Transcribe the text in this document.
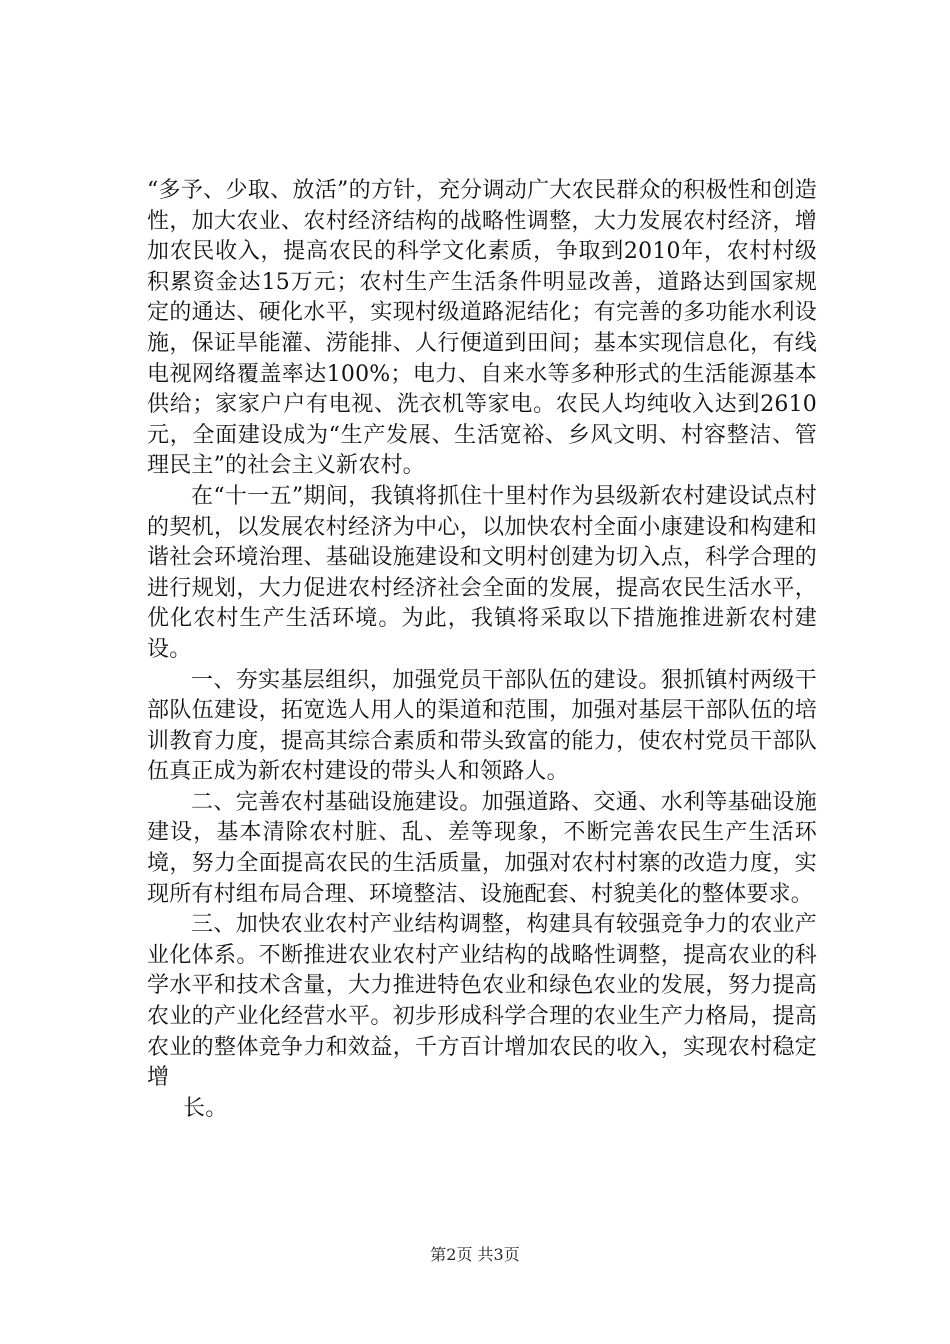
“多予、少取、放活”的方针，充分调动广大农民群众的积极性和创造性，加大农业、农村经济结构的战略性调整，大力发展农村经济，增加农民收入，提高农民的科学文化素质，争取到2010年，农村村级积累资金达15万元；农村生产生活条件明显改善，道路达到国家规定的通达、硬化水平，实现村级道路泥结化；有完善的多功能水利设施，保证旱能灌、涝能排、人行便道到田间；基本实现信息化，有线电视网络覆盖率达100%；电力、自来水等多种形式的生活能源基本供给；家家户户有电视、洗衣机等家电。农民人均纯收入达到2610元，全面建设成为“生产发展、生活宽裕、乡风文明、村容整洁、管理民主”的社会主义新农村。

在“十一五”期间，我镇将抓住十里村作为县级新农村建设试点村的契机，以发展农村经济为中心，以加快农村全面小康建设和构建和谐社会环境治理、基础设施建设和文明村创建为切入点，科学合理的进行规划，大力促进农村经济社会全面的发展，提高农民生活水平，优化农村生产生活环境。为此，我镇将采取以下措施推进新农村建设。

一、夯实基层组织，加强党员干部队伍的建设。狠抓镇村两级干部队伍建设，拓宽选人用人的渠道和范围，加强对基层干部队伍的培训教育力度，提高其综合素质和带头致富的能力，使农村党员干部队伍真正成为新农村建设的带头人和领路人。

二、完善农村基础设施建设。加强道路、交通、水利等基础设施建设，基本清除农村脏、乱、差等现象，不断完善农民生产生活环境，努力全面提高农民的生活质量，加强对农村村寨的改造力度，实现所有村组布局合理、环境整洁、设施配套、村貌美化的整体要求。

三、加快农业农村产业结构调整，构建具有较强竞争力的农业产业化体系。不断推进农业农村产业结构的战略性调整，提高农业的科学水平和技术含量，大力推进特色农业和绿色农业的发展，努力提高农业的产业化经营水平。初步形成科学合理的农业生产力格局，提高农业的整体竞争力和效益，千方百计增加农民的收入，实现农村稳定增

长。

第2页 共3页
